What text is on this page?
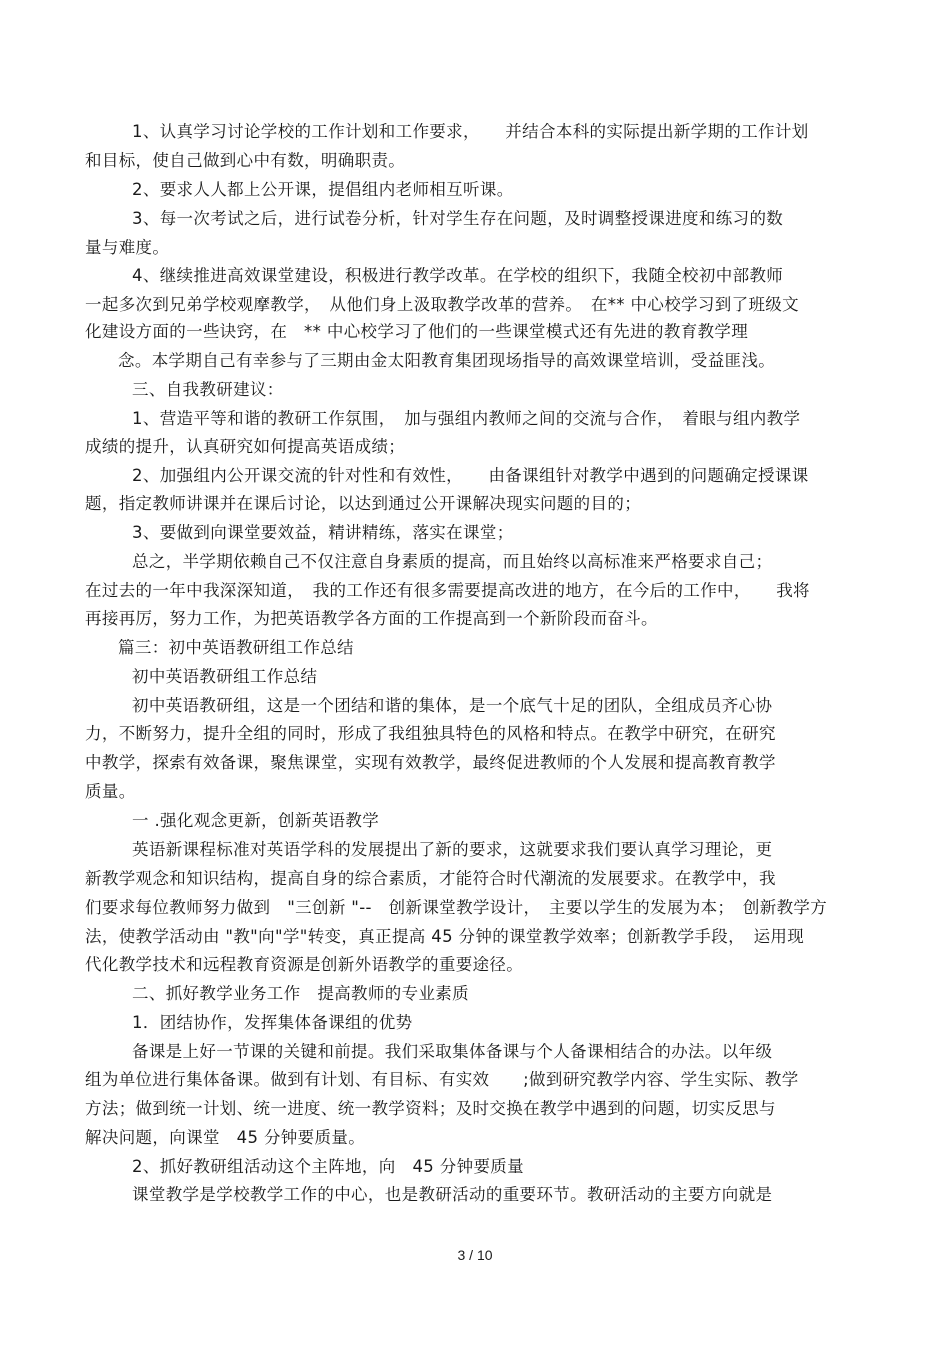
1、认真学习讨论学校的工作计划和工作要求，　　并结合本科的实际提出新学期的工作计划
和目标，使自己做到心中有数，明确职责。
2、要求人人都上公开课，提倡组内老师相互听课。
3、每一次考试之后，进行试卷分析，针对学生存在问题，及时调整授课进度和练习的数
量与难度。
4、继续推进高效课堂建设，积极进行教学改革。在学校的组织下，我随全校初中部教师
一起多次到兄弟学校观摩教学，　从他们身上汲取教学改革的营养。　在** 中心校学习到了班级文
化建设方面的一些诀窍，在　** 中心校学习了他们的一些课堂模式还有先进的教育教学理
念。本学期自己有幸参与了三期由金太阳教育集团现场指导的高效课堂培训，受益匪浅。
三、自我教研建议：
1、营造平等和谐的教研工作氛围，　加与强组内教师之间的交流与合作，　着眼与组内教学
成绩的提升，认真研究如何提高英语成绩；
2、加强组内公开课交流的针对性和有效性，　　由备课组针对教学中遇到的问题确定授课课
题，指定教师讲课并在课后讨论，以达到通过公开课解决现实问题的目的；
3、要做到向课堂要效益，精讲精练，落实在课堂；
总之，半学期依赖自己不仅注意自身素质的提高，而且始终以高标准来严格要求自己；
在过去的一年中我深深知道，　我的工作还有很多需要提高改进的地方，在今后的工作中，　　我将
再接再厉，努力工作，为把英语教学各方面的工作提高到一个新阶段而奋斗。
篇三：初中英语教研组工作总结
初中英语教研组工作总结
初中英语教研组，这是一个团结和谐的集体，是一个底气十足的团队，全组成员齐心协
力，不断努力，提升全组的同时，形成了我组独具特色的风格和特点。在教学中研究，在研究
中教学，探索有效备课，聚焦课堂，实现有效教学，最终促进教师的个人发展和提高教育教学
质量。
一 .强化观念更新，创新英语教学
英语新课程标准对英语学科的发展提出了新的要求，这就要求我们要认真学习理论，更
新教学观念和知识结构，提高自身的综合素质，才能符合时代潮流的发展要求。在教学中，我
们要求每位教师努力做到　"三创新 "--　创新课堂教学设计，　主要以学生的发展为本；　创新教学方
法，使教学活动由 "教"向"学"转变，真正提高 45 分钟的课堂教学效率；创新教学手段，　运用现
代化教学技术和远程教育资源是创新外语教学的重要途径。
二、抓好教学业务工作　提高教师的专业素质
1．团结协作，发挥集体备课组的优势
备课是上好一节课的关键和前提。我们采取集体备课与个人备课相结合的办法。以年级
组为单位进行集体备课。做到有计划、有目标、有实效　　;做到研究教学内容、学生实际、教学
方法；做到统一计划、统一进度、统一教学资料；及时交换在教学中遇到的问题，切实反思与
解决问题，向课堂　45 分钟要质量。
2、抓好教研组活动这个主阵地，向　45 分钟要质量
课堂教学是学校教学工作的中心，也是教研活动的重要环节。教研活动的主要方向就是
3 / 10
